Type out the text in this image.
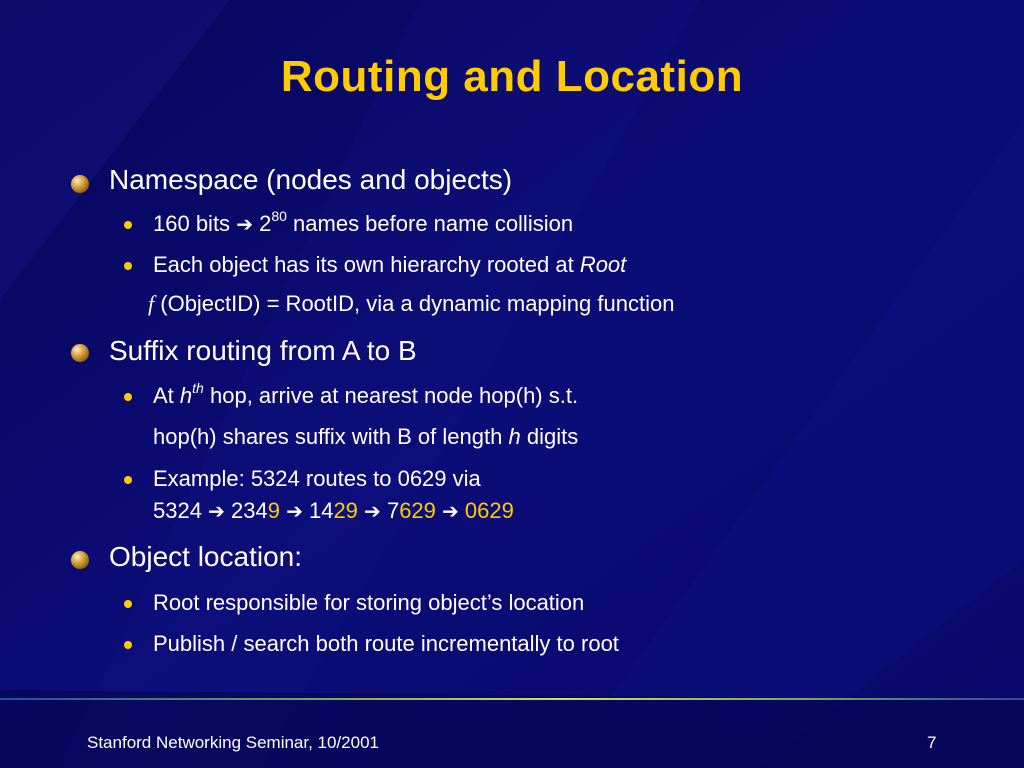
Routing and Location
Namespace (nodes and objects)
160 bits ➔ $2^{80}$ names before name collision
Each object has its own hierarchy rooted at Root
f (ObjectID) = RootID, via a dynamic mapping function
Suffix routing from A to B
At $h^{th}$ hop, arrive at nearest node hop(h) s.t.
hop(h) shares suffix with B of length h digits
Example: 5324 routes to 0629 via
5324 ➔ 2349 ➔ 1429 ➔ 7629 ➔ 0629
Object location:
Root responsible for storing object’s location
Publish / search both route incrementally to root
Stanford Networking Seminar, 10/2001	7
